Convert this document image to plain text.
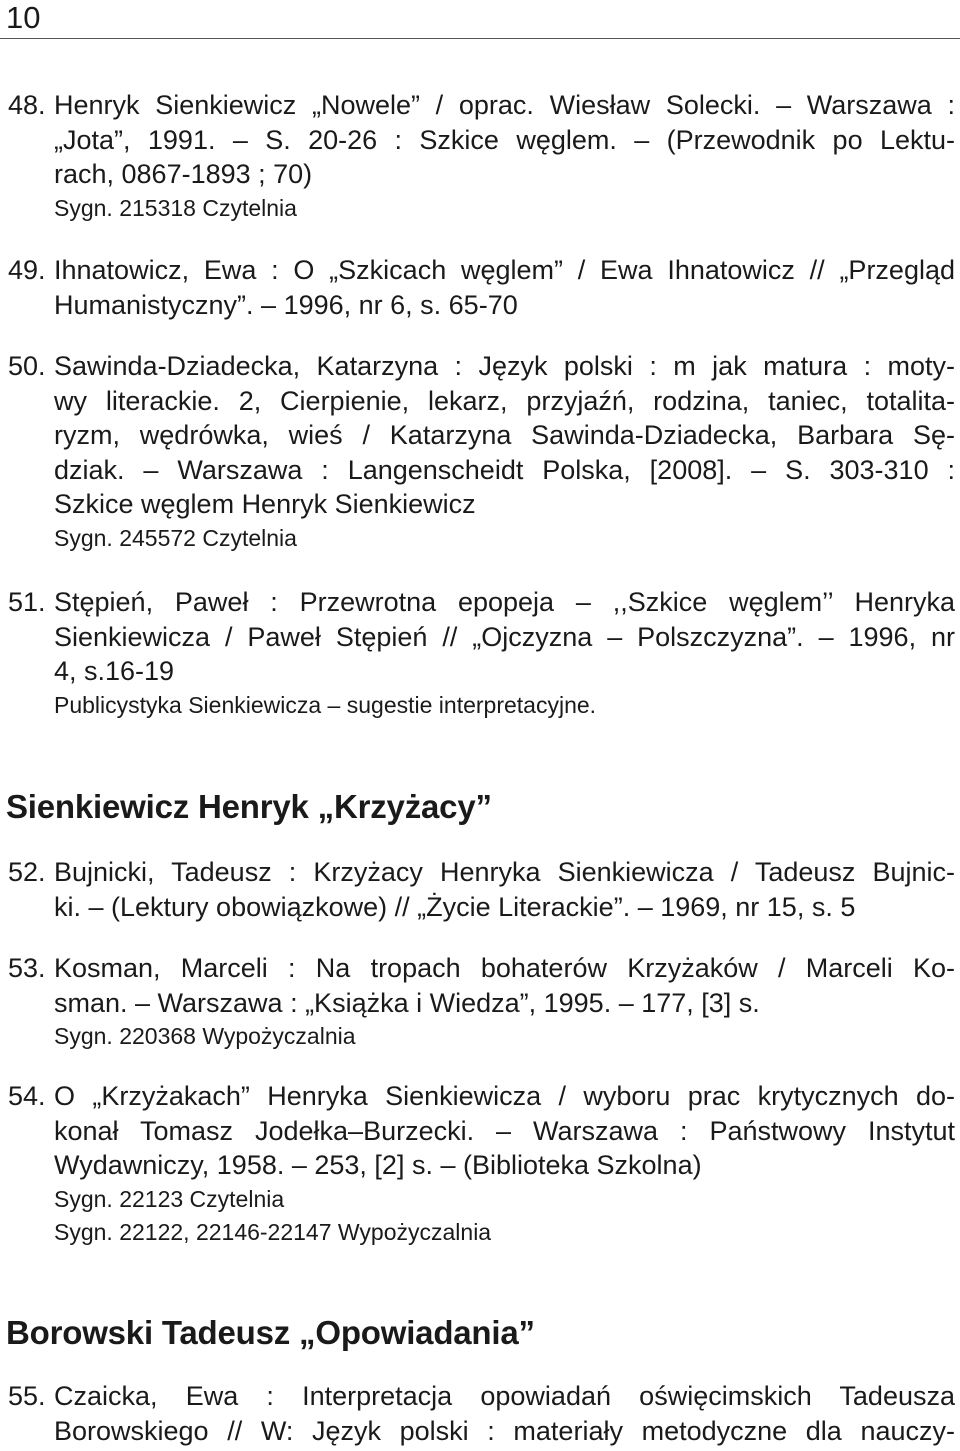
10
48. Henryk Sienkiewicz „Nowele” / oprac. Wiesław Solecki. – Warszawa :
„Jota”, 1991. – S. 20-26 : Szkice węglem. – (Przewodnik po Lektu-
rach, 0867-1893 ; 70)
Sygn. 215318 Czytelnia
49. Ihnatowicz, Ewa : O „Szkicach węglem” / Ewa Ihnatowicz // „Przegląd
Humanistyczny”. – 1996, nr 6, s. 65-70
50. Sawinda-Dziadecka, Katarzyna : Język polski : m jak matura : moty-
wy literackie. 2, Cierpienie, lekarz, przyjaźń, rodzina, taniec, totalita-
ryzm, wędrówka, wieś / Katarzyna Sawinda-Dziadecka, Barbara Sę-
dziak. – Warszawa : Langenscheidt Polska, [2008]. – S. 303-310 :
Szkice węglem Henryk Sienkiewicz
Sygn. 245572 Czytelnia
51. Stępień, Paweł : Przewrotna epopeja – ,,Szkice węglem’’ Henryka
Sienkiewicza / Paweł Stępień // „Ojczyzna – Polszczyzna”. – 1996, nr
4, s.16-19
Publicystyka Sienkiewicza – sugestie interpretacyjne.
Sienkiewicz Henryk „Krzyżacy”
52. Bujnicki, Tadeusz : Krzyżacy Henryka Sienkiewicza / Tadeusz Bujnic-
ki. – (Lektury obowiązkowe) // „Życie Literackie”. – 1969, nr 15, s. 5
53. Kosman, Marceli : Na tropach bohaterów Krzyżaków / Marceli Ko-
sman. – Warszawa : „Książka i Wiedza”, 1995. – 177, [3] s.
Sygn. 220368 Wypożyczalnia
54. O „Krzyżakach” Henryka Sienkiewicza / wyboru prac krytycznych do-
konał Tomasz Jodełka–Burzecki. – Warszawa : Państwowy Instytut
Wydawniczy, 1958. – 253, [2] s. – (Biblioteka Szkolna)
Sygn. 22123 Czytelnia
Sygn. 22122, 22146-22147 Wypożyczalnia
Borowski Tadeusz „Opowiadania”
55. Czaicka, Ewa : Interpretacja opowiadań oświęcimskich Tadeusza
Borowskiego // W: Język polski : materiały metodyczne dla nauczy-
